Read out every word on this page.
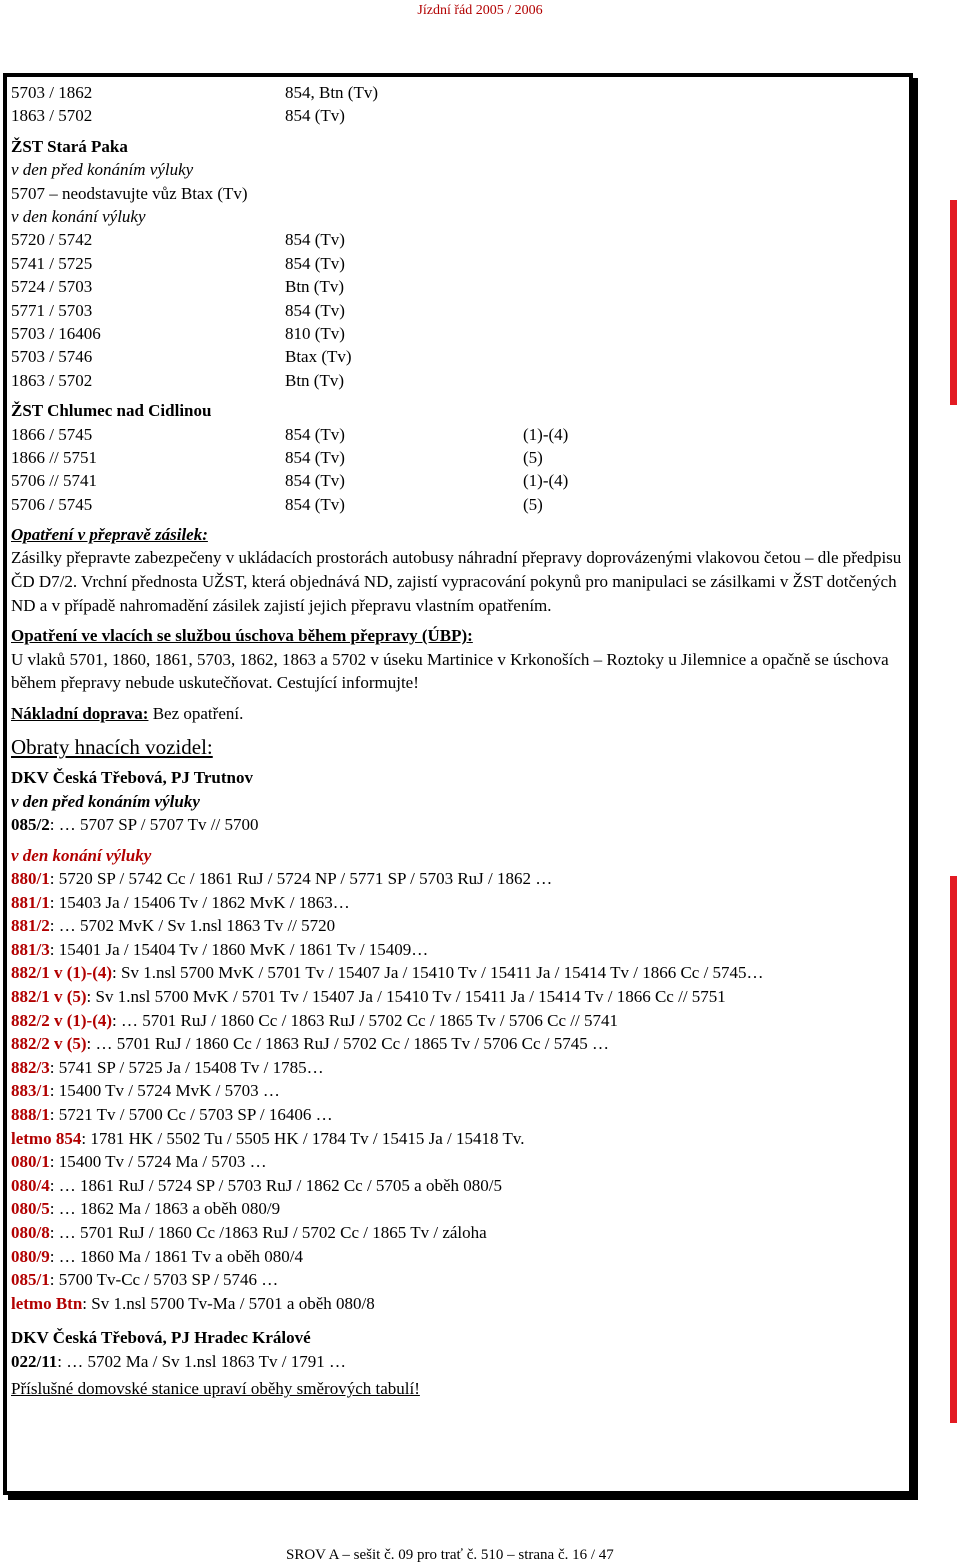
Jízdní řád 2005 / 2006
5703 / 1862	854, Btn (Tv)
1863 / 5702	854 (Tv)
ŽST Stará Paka
v den před konáním výluky
5707 – neodstavujte vůz Btax (Tv)
v den konání výluky
5720 / 5742	854 (Tv)
5741 / 5725	854 (Tv)
5724 / 5703	Btn (Tv)
5771 / 5703	854 (Tv)
5703 / 16406	810 (Tv)
5703 / 5746	Btax (Tv)
1863 / 5702	Btn (Tv)
ŽST Chlumec nad Cidlinou
1866 / 5745	854 (Tv)	(1)-(4)
1866 // 5751	854 (Tv)	(5)
5706 // 5741	854 (Tv)	(1)-(4)
5706 / 5745	854 (Tv)	(5)
Opatření v přepravě zásilek:
Zásilky přepravte zabezpečeny v ukládacích prostorách autobusy náhradní přepravy doprovázenými vlakovou četou – dle předpisu ČD D7/2. Vrchní přednosta UŽST, která objednává ND, zajistí vypracování pokynů pro manipulaci se zásilkami v ŽST dotčených ND a v případě nahromadění zásilek zajistí jejich přepravu vlastním opatřením.
Opatření ve vlacích se službou úschova během přepravy (ÚBP):
U vlaků 5701, 1860, 1861, 5703, 1862, 1863 a 5702 v úseku Martinice v Krkonoších – Roztoky u Jilemnice a opačně se úschova během přepravy nebude uskutečňovat. Cestující informujte!
Nákladní doprava: Bez opatření.
Obraty hnacích vozidel:
DKV Česká Třebová, PJ Trutnov
v den před konáním výluky
085/2: … 5707 SP / 5707 Tv // 5700
v den konání výluky
880/1: 5720 SP / 5742 Cc / 1861 RuJ / 5724 NP / 5771 SP / 5703 RuJ / 1862 …
881/1: 15403 Ja / 15406 Tv / 1862 MvK / 1863…
881/2: … 5702 MvK / Sv 1.nsl 1863 Tv // 5720
881/3: 15401 Ja / 15404 Tv / 1860 MvK / 1861 Tv / 15409…
882/1 v (1)-(4): Sv 1.nsl 5700 MvK / 5701 Tv / 15407 Ja / 15410 Tv / 15411 Ja / 15414 Tv / 1866 Cc / 5745…
882/1 v (5): Sv 1.nsl 5700 MvK / 5701 Tv / 15407 Ja / 15410 Tv / 15411 Ja / 15414 Tv / 1866 Cc // 5751
882/2 v (1)-(4): … 5701 RuJ / 1860 Cc / 1863 RuJ / 5702 Cc / 1865 Tv / 5706 Cc // 5741
882/2 v (5): … 5701 RuJ / 1860 Cc / 1863 RuJ / 5702 Cc / 1865 Tv / 5706 Cc / 5745 …
882/3: 5741 SP / 5725 Ja / 15408 Tv / 1785…
883/1: 15400 Tv / 5724 MvK / 5703 …
888/1: 5721 Tv / 5700 Cc / 5703 SP / 16406 …
letmo 854: 1781 HK / 5502 Tu / 5505 HK / 1784 Tv / 15415 Ja / 15418 Tv.
080/1: 15400 Tv / 5724 Ma / 5703 …
080/4: … 1861 RuJ / 5724 SP / 5703 RuJ / 1862 Cc / 5705 a oběh 080/5
080/5: … 1862 Ma / 1863 a oběh 080/9
080/8: … 5701 RuJ / 1860 Cc /1863 RuJ / 5702 Cc / 1865 Tv / záloha
080/9: … 1860 Ma / 1861 Tv a oběh 080/4
085/1: 5700 Tv-Cc / 5703 SP / 5746 …
letmo Btn: Sv 1.nsl 5700 Tv-Ma / 5701 a oběh 080/8
DKV Česká Třebová, PJ Hradec Králové
022/11: … 5702 Ma / Sv 1.nsl 1863 Tv / 1791 …
Příslušné domovské stanice upraví oběhy směrových tabulí!
SROV A – sešit č. 09 pro trať č. 510 – strana č. 16 / 47
